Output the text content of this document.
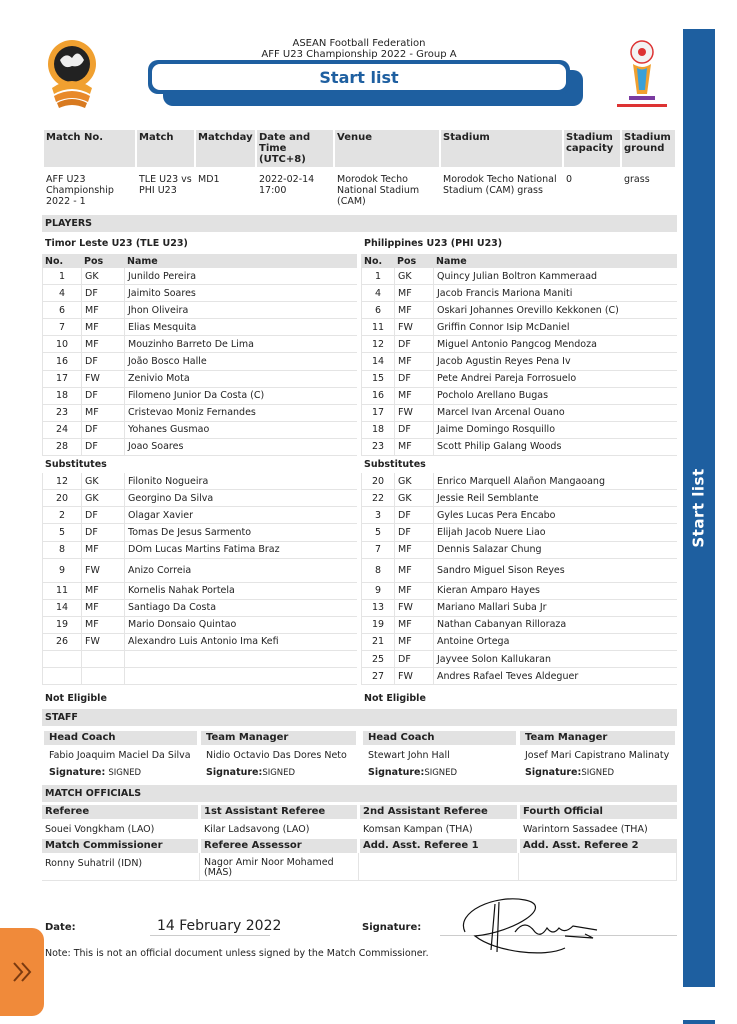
Start list
ASEAN Football Federation
AFF U23 Championship 2022 - Group A
Start list
Match No.	Match	Matchday	Date and Time (UTC+8)	Venue	Stadium	Stadium capacity	Stadium ground
AFF U23 Championship 2022 - 1	TLE U23 vs PHI U23	MD1	2022-02-14 17:00	Morodok Techo National Stadium (CAM)	Morodok Techo National Stadium (CAM) grass	0	grass
PLAYERS
Timor Leste U23 (TLE U23)	Philippines U23 (PHI U23)
No.	Pos	Name
1	GK	Junildo Pereira
4	DF	Jaimito Soares
6	MF	Jhon Oliveira
7	MF	Elias Mesquita
10	MF	Mouzinho Barreto De Lima
16	DF	João Bosco Halle
17	FW	Zenivio Mota
18	DF	Filomeno Junior Da Costa (C)
23	MF	Cristevao Moniz Fernandes
24	DF	Yohanes Gusmao
28	DF	Joao Soares
Substitutes		
12	GK	Filonito Nogueira
20	GK	Georgino Da Silva
2	DF	Olagar Xavier
5	DF	Tomas De Jesus Sarmento
8	MF	DOm Lucas Martins Fatima Braz
9	FW	Anizo Correia
11	MF	Kornelis Nahak Portela
14	MF	Santiago Da Costa
19	MF	Mario Donsaio Quintao
26	FW	Alexandro Luis Antonio Ima Kefi

No.	Pos	Name
1	GK	Quincy Julian Boltron Kammeraad
4	MF	Jacob Francis Mariona Maniti
6	MF	Oskari Johannes Orevillo Kekkonen (C)
11	FW	Griffin Connor Isip McDaniel
12	DF	Miguel Antonio Pangcog Mendoza
14	MF	Jacob Agustin Reyes Pena Iv
15	DF	Pete Andrei Pareja Forrosuelo
16	MF	Pocholo Arellano Bugas
17	FW	Marcel Ivan Arcenal Ouano
18	DF	Jaime Domingo Rosquillo
23	MF	Scott Philip Galang Woods
Substitutes		
20	GK	Enrico Marquell Alañon Mangaoang
22	GK	Jessie Reil Semblante
3	DF	Gyles Lucas Pera Encabo
5	DF	Elijah Jacob Nuere Liao
7	MF	Dennis Salazar Chung
8	MF	Sandro Miguel Sison Reyes
9	MF	Kieran Amparo Hayes
13	FW	Mariano Mallari Suba Jr
19	MF	Nathan Cabanyan Rilloraza
21	MF	Antoine Ortega
25	DF	Jayvee Solon Kallukaran
27	FW	Andres Rafael Teves Aldeguer
Not Eligible	Not Eligible
STAFF
Head Coach	Team Manager	Head Coach	Team Manager
Fabio Joaquim Maciel Da Silva	Nidio Octavio Das Dores Neto	Stewart John Hall	Josef Mari Capistrano Malinaty
Signature: SIGNED	Signature:SIGNED	Signature:SIGNED	Signature:SIGNED
MATCH OFFICIALS
Referee	1st Assistant Referee	2nd Assistant Referee	Fourth Official
Souei Vongkham (LAO)	Kilar Ladsavong (LAO)	Komsan Kampan (THA)	Warintorn Sassadee (THA)
Match Commissioner	Referee Assessor	Add. Asst. Referee 1	Add. Asst. Referee 2
Ronny Suhatril (IDN)	Nagor Amir Noor Mohamed (MAS)
Date:	14 February 2022	Signature:
Note: This is not an official document unless signed by the Match Commissioner.
